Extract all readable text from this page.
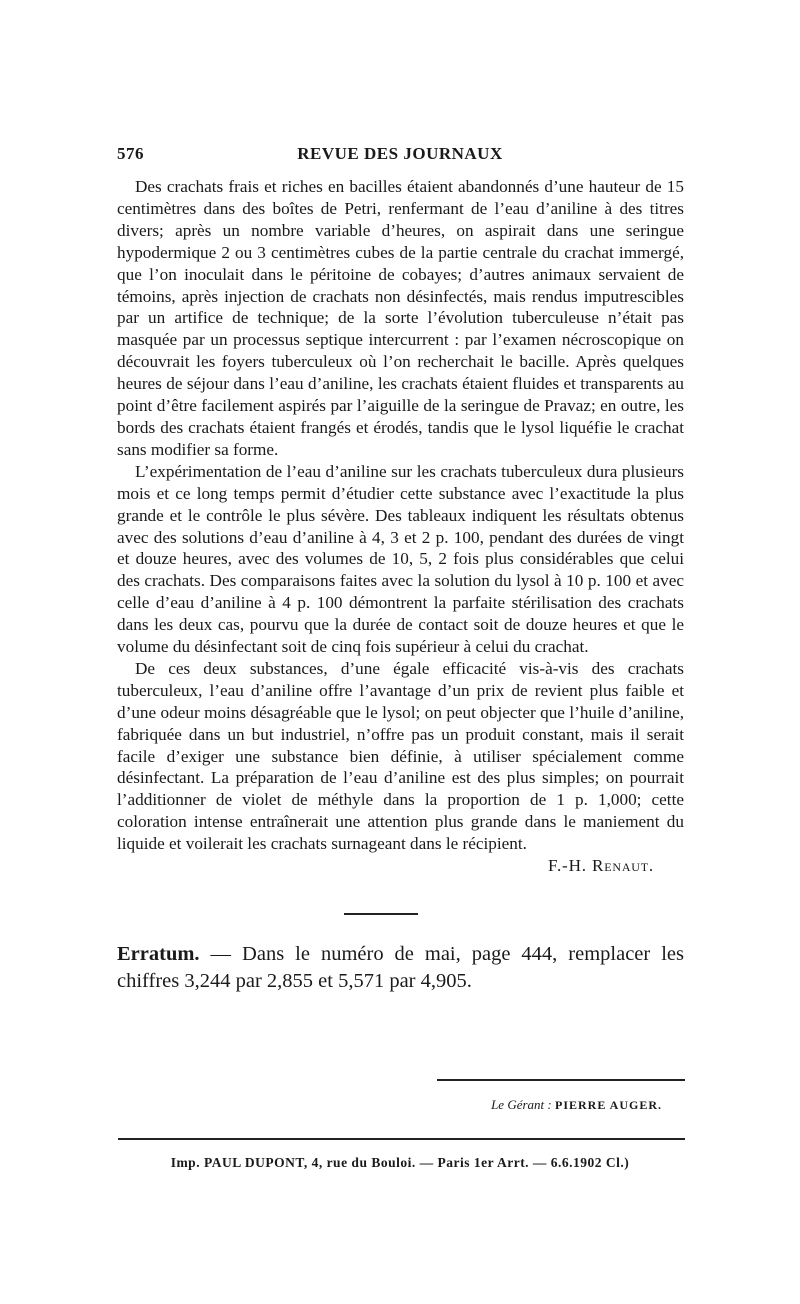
576	REVUE DES JOURNAUX

Des crachats frais et riches en bacilles étaient abandonnés d’une hauteur de 15 centimètres dans des boîtes de Petri, renfermant de l’eau d’aniline à des titres divers; après un nombre variable d’heures, on aspirait dans une seringue hypodermique 2 ou 3 centimètres cubes de la partie centrale du crachat immergé, que l’on inoculait dans le péritoine de cobayes; d’autres animaux servaient de témoins, après injection de crachats non désinfectés, mais rendus imputrescibles par un artifice de technique; de la sorte l’évolution tuberculeuse n’était pas masquée par un processus septique intercurrent : par l’examen nécroscopique on découvrait les foyers tuberculeux où l’on recherchait le bacille. Après quelques heures de séjour dans l’eau d’aniline, les crachats étaient fluides et transparents au point d’être facilement aspirés par l’aiguille de la seringue de Pravaz; en outre, les bords des crachats étaient frangés et érodés, tandis que le lysol liquéfie le crachat sans modifier sa forme.

L’expérimentation de l’eau d’aniline sur les crachats tuberculeux dura plusieurs mois et ce long temps permit d’étudier cette substance avec l’exactitude la plus grande et le contrôle le plus sévère. Des tableaux indiquent les résultats obtenus avec des solutions d’eau d’aniline à 4, 3 et 2 p. 100, pendant des durées de vingt et douze heures, avec des volumes de 10, 5, 2 fois plus considérables que celui des crachats. Des comparaisons faites avec la solution du lysol à 10 p. 100 et avec celle d’eau d’aniline à 4 p. 100 démontrent la parfaite stérilisation des crachats dans les deux cas, pourvu que la durée de contact soit de douze heures et que le volume du désinfectant soit de cinq fois supérieur à celui du crachat.

De ces deux substances, d’une égale efficacité vis-à-vis des crachats tuberculeux, l’eau d’aniline offre l’avantage d’un prix de revient plus faible et d’une odeur moins désagréable que le lysol; on peut objecter que l’huile d’aniline, fabriquée dans un but industriel, n’offre pas un produit constant, mais il serait facile d’exiger une substance bien définie, à utiliser spécialement comme désinfectant. La préparation de l’eau d’aniline est des plus simples; on pourrait l’additionner de violet de méthyle dans la proportion de 1 p. 1,000; cette coloration intense entraînerait une attention plus grande dans le maniement du liquide et voilerait les crachats surnageant dans le récipient.

F.-H. Renaut.
Erratum. — Dans le numéro de mai, page 444, remplacer les chiffres 3,244 par 2,855 et 5,571 par 4,905.
Le Gérant : PIERRE AUGER.
Imp. PAUL DUPONT, 4, rue du Bouloi. — Paris 1er Arrt. — 6.6.1902 Cl.)
